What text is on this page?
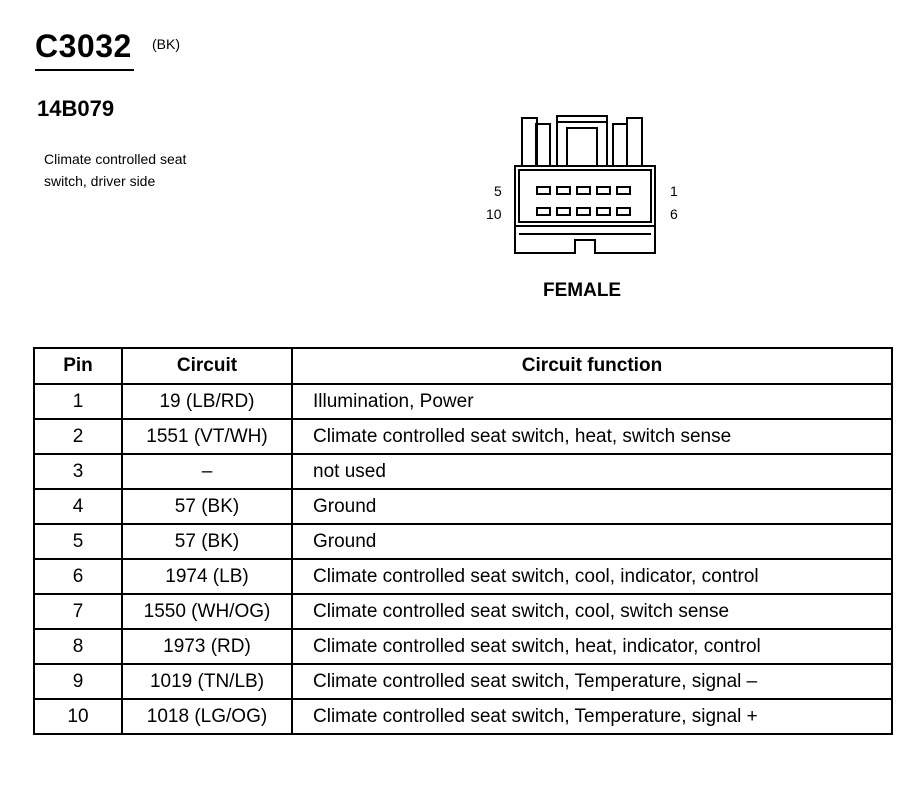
C3032 (BK)
14B079
Climate controlled seat switch, driver side
5
10
1
6
FEMALE
Pin	Circuit	Circuit function
1	19 (LB/RD)	Illumination, Power
2	1551 (VT/WH)	Climate controlled seat switch, heat, switch sense
3	–	not used
4	57 (BK)	Ground
5	57 (BK)	Ground
6	1974 (LB)	Climate controlled seat switch, cool, indicator, control
7	1550 (WH/OG)	Climate controlled seat switch, cool, switch sense
8	1973 (RD)	Climate controlled seat switch, heat, indicator, control
9	1019 (TN/LB)	Climate controlled seat switch, Temperature, signal –
10	1018 (LG/OG)	Climate controlled seat switch, Temperature, signal +
